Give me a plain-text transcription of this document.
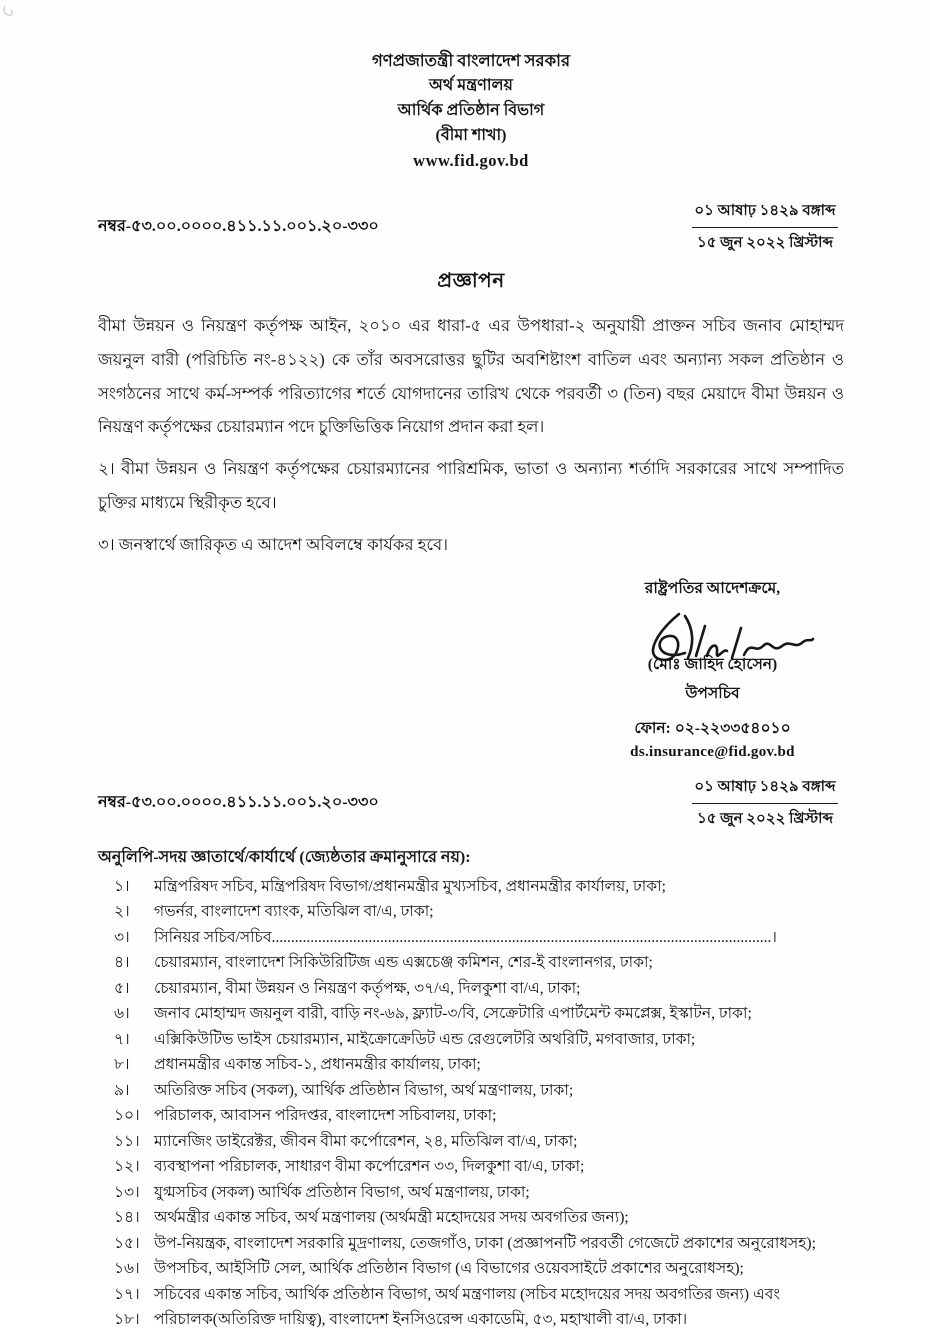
গণপ্রজাতন্ত্রী বাংলাদেশ সরকার
অর্থ মন্ত্রণালয়
আর্থিক প্রতিষ্ঠান বিভাগ
(বীমা শাখা)
www.fid.gov.bd
নম্বর-৫৩.০০.০০০০.৪১১.১১.০০১.২০-৩৩০
০১ আষাঢ় ১৪২৯ বঙ্গাব্দ
১৫ জুন ২০২২ খ্রিস্টাব্দ
প্রজ্ঞাপন

বীমা উন্নয়ন ও নিয়ন্ত্রণ কর্তৃপক্ষ আইন, ২০১০ এর ধারা-৫ এর উপধারা-২ অনুযায়ী প্রাক্তন সচিব জনাব মোহাম্মদ জয়নুল বারী (পরিচিতি নং-৪১২২) কে তাঁর অবসরোত্তর ছুটির অবশিষ্টাংশ বাতিল এবং অন্যান্য সকল প্রতিষ্ঠান ও সংগঠনের সাথে কর্ম-সম্পর্ক পরিত্যাগের শর্তে যোগদানের তারিখ থেকে পরবর্তী ৩ (তিন) বছর মেয়াদে বীমা উন্নয়ন ও নিয়ন্ত্রণ কর্তৃপক্ষের চেয়ারম্যান পদে চুক্তিভিত্তিক নিয়োগ প্রদান করা হল।

২। বীমা উন্নয়ন ও নিয়ন্ত্রণ কর্তৃপক্ষের চেয়ারম্যানের পারিশ্রমিক, ভাতা ও অন্যান্য শর্তাদি সরকারের সাথে সম্পাদিত চুক্তির মাধ্যমে স্থিরীকৃত হবে।

৩। জনস্বার্থে জারিকৃত এ আদেশ অবিলম্বে কার্যকর হবে।

রাষ্ট্রপতির আদেশক্রমে,
(মোঃ জাহিদ হোসেন)
উপসচিব
ফোন: ০২-২২৩৩৫৪০১০
ds.insurance@fid.gov.bd
নম্বর-৫৩.০০.০০০০.৪১১.১১.০০১.২০-৩৩০
০১ আষাঢ় ১৪২৯ বঙ্গাব্দ
১৫ জুন ২০২২ খ্রিস্টাব্দ
অনুলিপি-সদয় জ্ঞাতার্থে/কার্যার্থে (জ্যেষ্ঠতার ক্রমানুসারে নয়):
১।	মন্ত্রিপরিষদ সচিব, মন্ত্রিপরিষদ বিভাগ/প্রধানমন্ত্রীর মুখ্যসচিব, প্রধানমন্ত্রীর কার্যালয়, ঢাকা;
২।	গভর্নর, বাংলাদেশ ব্যাংক, মতিঝিল বা/এ, ঢাকা;
৩।	সিনিয়র সচিব/সচিব.................................................................................................................................।
৪।	চেয়ারম্যান, বাংলাদেশ সিকিউরিটিজ এন্ড এক্সচেঞ্জ কমিশন, শের-ই বাংলানগর, ঢাকা;
৫।	চেয়ারম্যান, বীমা উন্নয়ন ও নিয়ন্ত্রণ কর্তৃপক্ষ, ৩৭/এ, দিলকুশা বা/এ, ঢাকা;
৬।	জনাব মোহাম্মদ জয়নুল বারী, বাড়ি নং-৬৯, ফ্ল্যাট-৩/বি, সেক্রেটারি এপার্টমেন্ট কমপ্লেক্স, ইস্কাটন, ঢাকা;
৭।	এক্সিকিউটিভ ভাইস চেয়ারম্যান, মাইক্রোক্রেডিট এন্ড রেগুলেটরি অথরিটি, মগবাজার, ঢাকা;
৮।	প্রধানমন্ত্রীর একান্ত সচিব-১, প্রধানমন্ত্রীর কার্যালয়, ঢাকা;
৯।	অতিরিক্ত সচিব (সকল), আর্থিক প্রতিষ্ঠান বিভাগ, অর্থ মন্ত্রণালয়, ঢাকা;
১০। পরিচালক, আবাসন পরিদপ্তর, বাংলাদেশ সচিবালয়, ঢাকা;
১১। ম্যানেজিং ডাইরেক্টর, জীবন বীমা কর্পোরেশন, ২৪, মতিঝিল বা/এ, ঢাকা;
১২। ব্যবস্থাপনা পরিচালক, সাধারণ বীমা কর্পোরেশন ৩৩, দিলকুশা বা/এ, ঢাকা;
১৩। যুগ্মসচিব (সকল) আর্থিক প্রতিষ্ঠান বিভাগ, অর্থ মন্ত্রণালয়, ঢাকা;
১৪। অর্থমন্ত্রীর একান্ত সচিব, অর্থ মন্ত্রণালয় (অর্থমন্ত্রী মহোদয়ের সদয় অবগতির জন্য);
১৫। উপ-নিয়ন্ত্রক, বাংলাদেশ সরকারি মুদ্রণালয়, তেজগাঁও, ঢাকা (প্রজ্ঞাপনটি পরবর্তী গেজেটে প্রকাশের অনুরোধসহ);
১৬। উপসচিব, আইসিটি সেল, আর্থিক প্রতিষ্ঠান বিভাগ (এ বিভাগের ওয়েবসাইটে প্রকাশের অনুরোধসহ);
১৭। সচিবের একান্ত সচিব, আর্থিক প্রতিষ্ঠান বিভাগ, অর্থ মন্ত্রণালয় (সচিব মহোদয়ের সদয় অবগতির জন্য) এবং
১৮। পরিচালক(অতিরিক্ত দায়িত্ব), বাংলাদেশ ইনসিওরেন্স একাডেমি, ৫৩, মহাখালী বা/এ, ঢাকা।
